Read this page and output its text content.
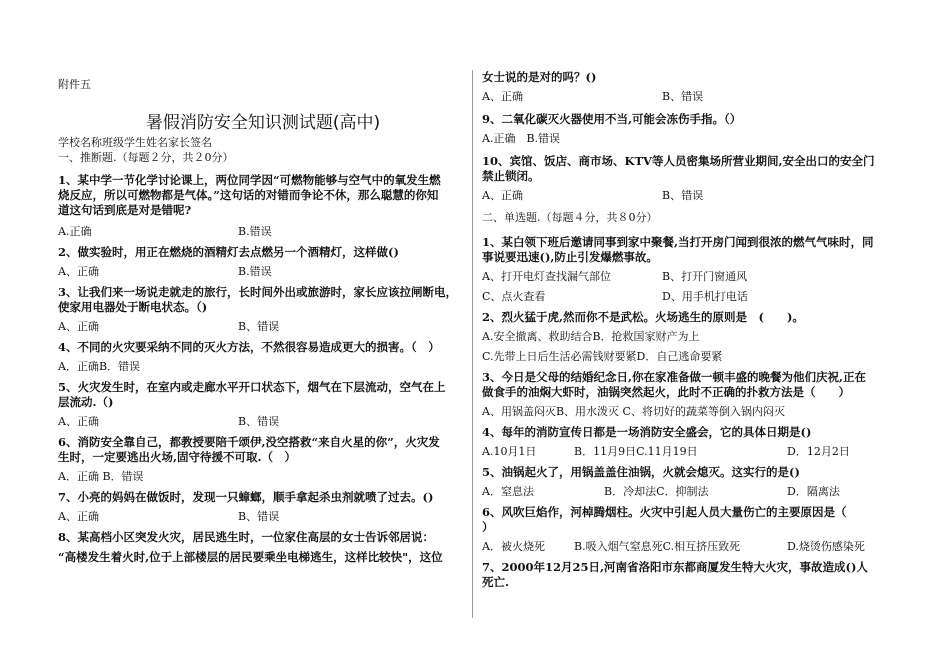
附件五
暑假消防安全知识测试题(高中)
学校名称班级学生姓名家长签名
一、推断题.（每题２分，共２0分）
1、某中学一节化学讨论课上，两位同学因“可燃物能够与空气中的氧发生燃
烧反应，所以可燃物都是气体。”这句话的对错而争论不休，那么聪慧的你知
道这句话到底是对是错呢?
A.正确	B.错误
2、做实验时，用正在燃烧的酒精灯去点燃另一个酒精灯，这样做()
A、正确	B.错误
3、让我们来一场说走就走的旅行，长时间外出或旅游时，家长应该拉闸断电，
使家用电器处于断电状态。（)
A、正确	B、错误
4、不同的火灾要采纳不同的灭火方法，不然很容易造成更大的损害。（　）
A．正确B．错误
5、火灾发生时，在室内或走廊水平开口状态下，烟气在下层流动，空气在上
层流动.（)
A、正确	B、错误
6、消防安全靠自己，都教授要陪千颂伊,没空搭救“来自火星的你”，火灾发
生时，一定要逃出火场,固守待援不可取.（　）
A．正确 B．错误
7、小亮的妈妈在做饭时，发现一只蟑螂，顺手拿起杀虫剂就喷了过去。()
A、正确	B、错误
8、某高档小区突发火灾，居民逃生时，一位家住高层的女士告诉邻居说：
“高楼发生着火时,位于上部楼层的居民要乘坐电梯逃生，这样比较快"，这位
女士说的是对的吗？()
A、正确	B、错误
9、二氧化碳灭火器使用不当,可能会冻伤手指。（）
A.正确　B.错误
10、宾馆、饭店、商市场、KTV等人员密集场所营业期间,安全出口的安全门
禁止锁闭。
A、正确	B、错误
二、单选题.（每题４分，共８0分）
1、某白领下班后邀请同事到家中聚餐,当打开房门闻到很浓的燃气气味时，同
事说要迅速(),防止引发爆燃事故。
A、打开电灯查找漏气部位	B、打开门窗通风
C、点火查看	D、用手机打电话
2、烈火猛于虎,然而你不是武松。火场逃生的原则是　(　　)。
A.安全撤离、救助结合B．抢救国家财产为上
C.先带上日后生活必需钱财要紧D．自己逃命要紧
3、今日是父母的结婚纪念日,你在家准备做一顿丰盛的晚餐为他们庆祝,正在
做食手的油焖大虾时，油锅突然起火，此时不正确的扑救方法是（　　）
A、用锅盖闷灭B、用水泼灭 C、将切好的蔬菜等倒入锅内闷灭
4、每年的消防宣传日都是一场消防安全盛会，它的具体日期是()
A.10月1日	B．11月9日C.11月19日	D．12月2日
5、油锅起火了，用锅盖盖住油锅，火就会熄灭。这实行的是()
A．窒息法	B．冷却法C．抑制法	D．隔离法
6、风吹巨焰作，河棹腾烟柱。火灾中引起人员大量伤亡的主要原因是（
）
A．被火烧死	B.吸入烟气窒息死C.相互挤压致死	D.烧烫伤感染死
7、2000年12月25日,河南省洛阳市东都商厦发生特大火灾，事故造成()人
死亡.
